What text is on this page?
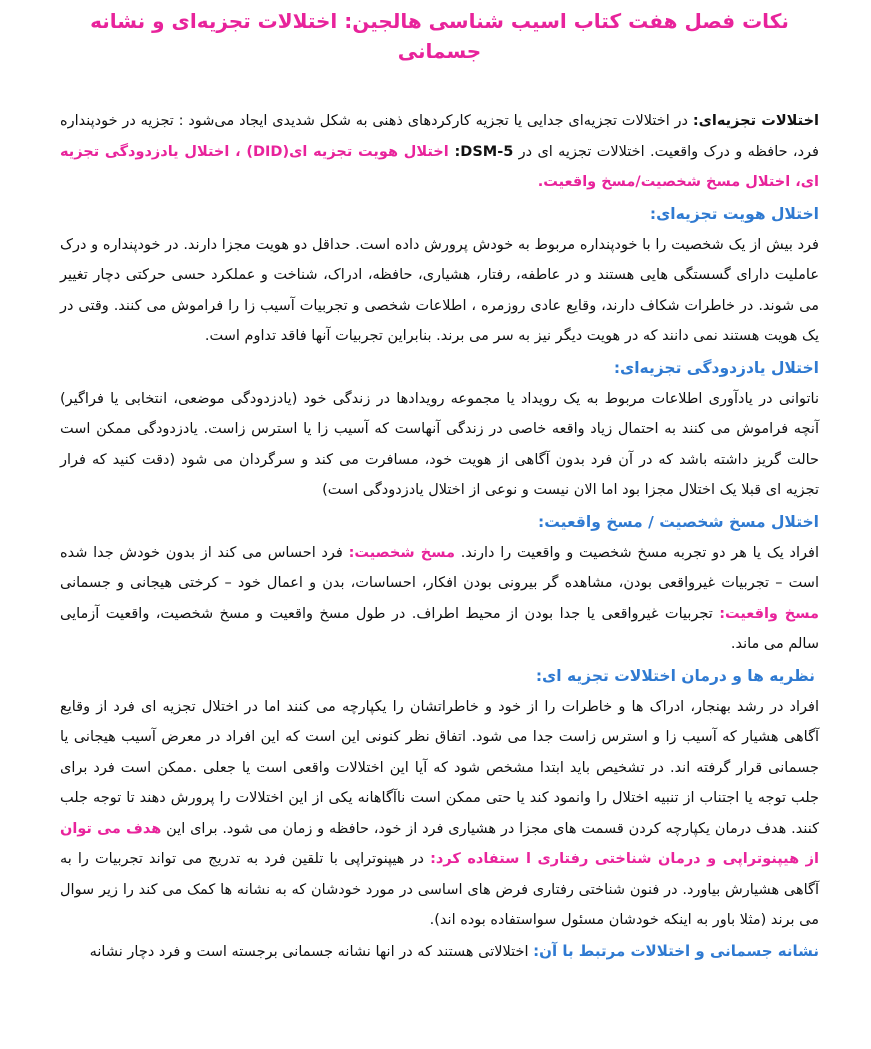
نکات فصل هفت کتاب اسیب شناسی هالجین: اختلالات تجزیه‌ای و نشانه جسمانی

اختلالات تجزیه‌ای: در اختلالات تجزیه‌ای جدایی یا تجزیه کارکردهای ذهنی به شکل شدیدی ایجاد می‌شود : تجزیه در خودپنداره فرد، حافظه و درک واقعیت. اختلالات تجزیه ای در DSM-5: اختلال هویت تجزیه ای(DID) ، اختلال یادزدودگی تجزیه ای، اختلال مسخ شخصیت/مسخ واقعیت.

اختلال هویت تجزیه‌ای:

فرد بیش از یک شخصیت را با خودپنداره مربوط به خودش پرورش داده است. حداقل دو هویت مجزا دارند. در خودپنداره و درک عاملیت دارای گسستگی هایی هستند و در عاطفه، رفتار، هشیاری، حافظه، ادراک، شناخت و عملکرد حسی حرکتی دچار تغییر می شوند. در خاطرات شکاف دارند، وقایع عادی روزمره ، اطلاعات شخصی و تجربیات آسیب زا را فراموش می کنند. وقتی در یک هویت هستند نمی دانند که در هویت دیگر نیز به سر می برند. بنابراین تجربیات آنها فاقد تداوم است.

اختلال یادزدودگی تجزیه‌ای:

ناتوانی در یادآوری اطلاعات مربوط به یک رویداد یا مجموعه رویدادها در زندگی خود (یادزدودگی موضعی، انتخابی یا فراگیر) آنچه فراموش می کنند به احتمال زیاد واقعه خاصی در زندگی آنهاست که آسیب زا یا استرس زاست. یادزدودگی ممکن است حالت گریز داشته باشد که در آن فرد بدون آگاهی از هویت خود، مسافرت می کند و سرگردان می شود (دقت کنید که فرار تجزیه ای قبلا یک اختلال مجزا بود اما الان نیست و نوعی از اختلال یادزدودگی است)

اختلال مسخ شخصیت / مسخ واقعیت:

افراد یک یا هر دو تجربه مسخ شخصیت و واقعیت را دارند. مسخ شخصیت: فرد احساس می کند از بدون خودش جدا شده است – تجربیات غیرواقعی بودن، مشاهده گر بیرونی بودن افکار، احساسات، بدن و اعمال خود – کرختی هیجانی و جسمانی مسخ واقعیت: تجربیات غیرواقعی یا جدا بودن از محیط اطراف. در طول مسخ واقعیت و مسخ شخصیت، واقعیت آزمایی سالم می ماند.

نظریه ها و درمان اختلالات تجزیه ای:

افراد در رشد بهنجار، ادراک ها و خاطرات را از خود و خاطراتشان را یکپارچه می کنند اما در اختلال تجزیه ای فرد از وقایع آگاهی هشیار که آسیب زا و استرس زاست جدا می شود. اتفاق نظر کنونی این است که این افراد در معرض آسیب هیجانی یا جسمانی قرار گرفته اند. در تشخیص باید ابتدا مشخص شود که آیا این اختلالات واقعی است یا جعلی .ممکن است فرد برای جلب توجه یا اجتناب از تنبیه اختلال را وانمود کند یا حتی ممکن است ناآگاهانه یکی از این اختلالات را پرورش دهند تا توجه جلب کنند. هدف درمان یکپارچه کردن قسمت های مجزا در هشیاری فرد از خود، حافظه و زمان می شود. برای این هدف می توان از هیپنوتراپی و درمان شناختی رفتاری ا ستفاده کرد: در هیپنوتراپی با تلقین فرد به تدریج می تواند تجربیات را به آگاهی هشیارش بیاورد. در فنون شناختی رفتاری فرض های اساسی در مورد خودشان که به نشانه ها کمک می کند را زیر سوال می برند (مثلا باور به اینکه خودشان مسئول سواستفاده بوده اند).

نشانه جسمانی و اختلالات مرتبط با آن: اختلالاتی هستند که در انها نشانه جسمانی برجسته است و فرد دچار نشانه
